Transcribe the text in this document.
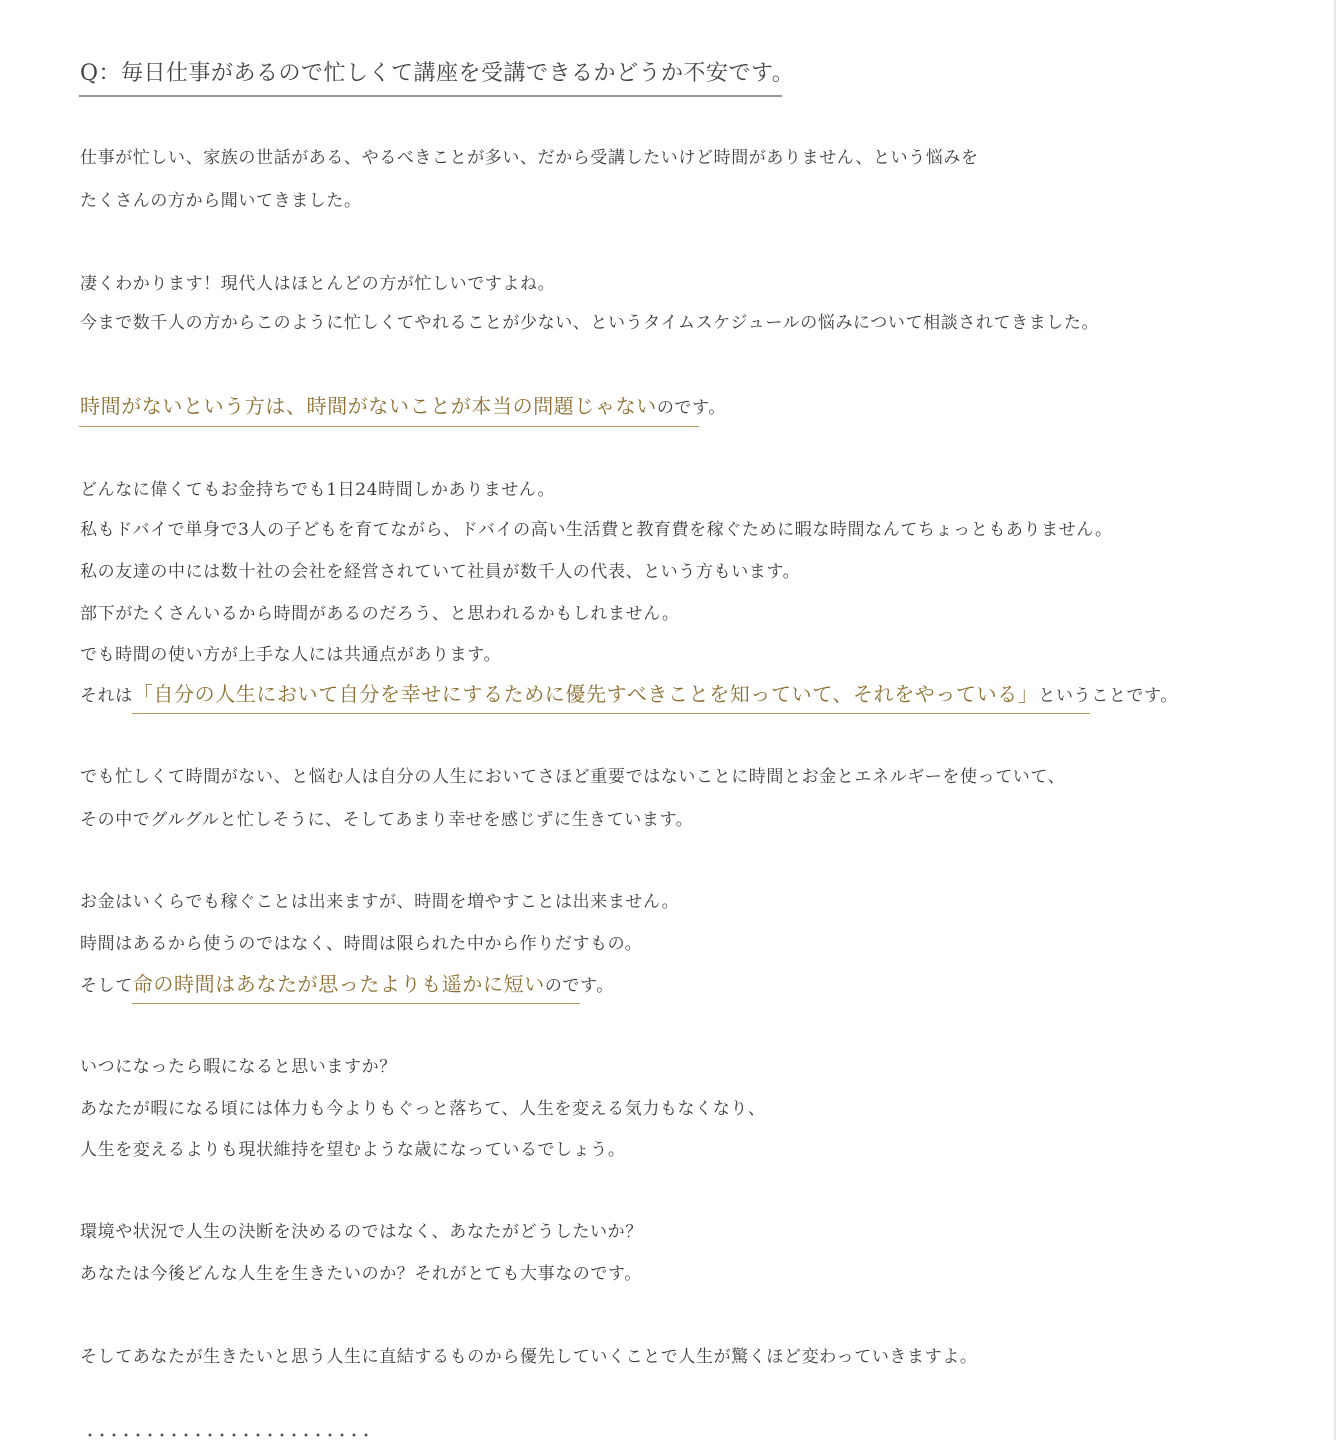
Q：毎日仕事があるので忙しくて講座を受講できるかどうか不安です。
仕事が忙しい、家族の世話がある、やるべきことが多い、だから受講したいけど時間がありません、という悩みを
たくさんの方から聞いてきました。
凄くわかります！現代人はほとんどの方が忙しいですよね。
今まで数千人の方からこのように忙しくてやれることが少ない、というタイムスケジュールの悩みについて相談されてきました。
時間がないという方は、時間がないことが本当の問題じゃないのです。
どんなに偉くてもお金持ちでも1日24時間しかありません。
私もドバイで単身で3人の子どもを育てながら、ドバイの高い生活費と教育費を稼ぐために暇な時間なんてちょっともありません。
私の友達の中には数十社の会社を経営されていて社員が数千人の代表、という方もいます。
部下がたくさんいるから時間があるのだろう、と思われるかもしれません。
でも時間の使い方が上手な人には共通点があります。
それは「自分の人生において自分を幸せにするために優先すべきことを知っていて、それをやっている」ということです。
でも忙しくて時間がない、と悩む人は自分の人生においてさほど重要ではないことに時間とお金とエネルギーを使っていて、
その中でグルグルと忙しそうに、そしてあまり幸せを感じずに生きています。
お金はいくらでも稼ぐことは出来ますが、時間を増やすことは出来ません。
時間はあるから使うのではなく、時間は限られた中から作りだすもの。
そして命の時間はあなたが思ったよりも遥かに短いのです。
いつになったら暇になると思いますか？
あなたが暇になる頃には体力も今よりもぐっと落ちて、人生を変える気力もなくなり、
人生を変えるよりも現状維持を望むような歳になっているでしょう。
環境や状況で人生の決断を決めるのではなく、あなたがどうしたいか？
あなたは今後どんな人生を生きたいのか？それがとても大事なのです。
そしてあなたが生きたいと思う人生に直結するものから優先していくことで人生が驚くほど変わっていきますよ。
